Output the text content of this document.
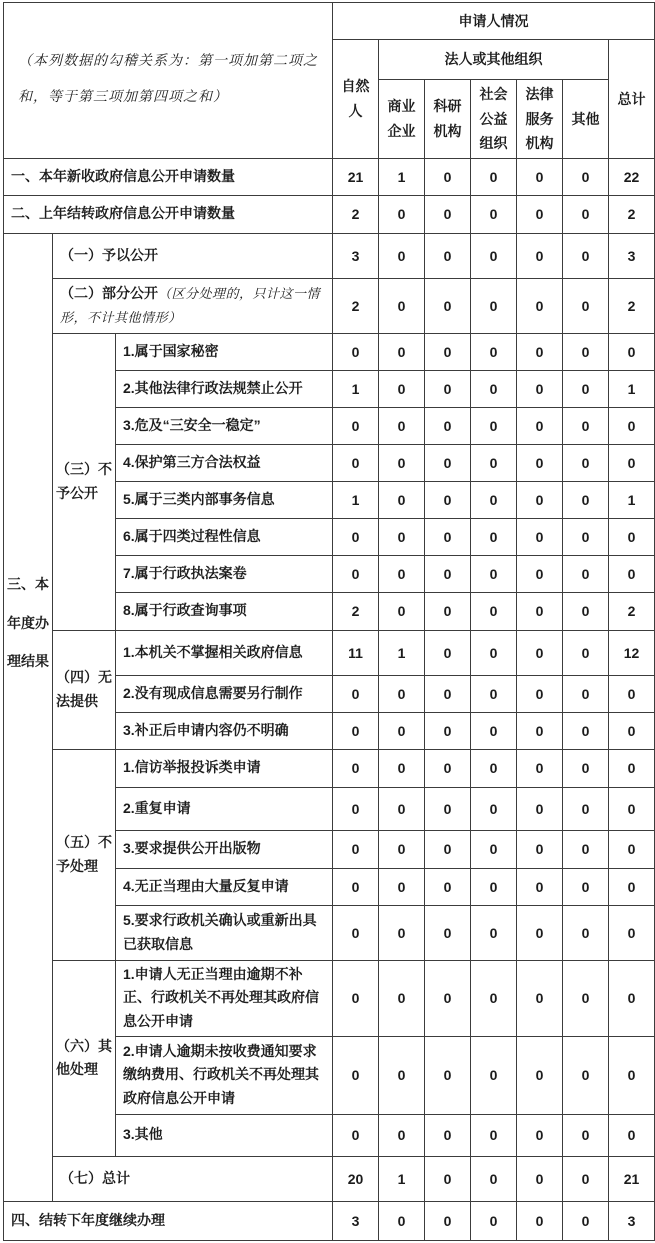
（本列数据的勾稽关系为：第一项加第二项之和，等于第三项加第四项之和）			申请人情况						
			自然人	法人或其他组织					总计
				商业企业	科研机构	社会公益组织	法律服务机构	其他	
一、本年新收政府信息公开申请数量			21	1	0	0	0	0	22
二、上年结转政府信息公开申请数量			2	0	0	0	0	0	2
三、本年度办理结果	（一）予以公开		3	0	0	0	0	0	3
	（二）部分公开（区分处理的，只计这一情形，不计其他情形）		2	0	0	0	0	0	2
	（三）不予公开	1.属于国家秘密	0	0	0	0	0	0	0
		2.其他法律行政法规禁止公开	1	0	0	0	0	0	1
		3.危及“三安全一稳定”	0	0	0	0	0	0	0
		4.保护第三方合法权益	0	0	0	0	0	0	0
		5.属于三类内部事务信息	1	0	0	0	0	0	1
		6.属于四类过程性信息	0	0	0	0	0	0	0
		7.属于行政执法案卷	0	0	0	0	0	0	0
		8.属于行政查询事项	2	0	0	0	0	0	2
	（四）无法提供	1.本机关不掌握相关政府信息	11	1	0	0	0	0	12
		2.没有现成信息需要另行制作	0	0	0	0	0	0	0
		3.补正后申请内容仍不明确	0	0	0	0	0	0	0
	（五）不予处理	1.信访举报投诉类申请	0	0	0	0	0	0	0
		2.重复申请	0	0	0	0	0	0	0
		3.要求提供公开出版物	0	0	0	0	0	0	0
		4.无正当理由大量反复申请	0	0	0	0	0	0	0
		5.要求行政机关确认或重新出具已获取信息	0	0	0	0	0	0	0
	（六）其他处理	1.申请人无正当理由逾期不补正、行政机关不再处理其政府信息公开申请	0	0	0	0	0	0	0
		2.申请人逾期未按收费通知要求缴纳费用、行政机关不再处理其政府信息公开申请	0	0	0	0	0	0	0
		3.其他	0	0	0	0	0	0	0
	（七）总计		20	1	0	0	0	0	21
四、结转下年度继续办理			3	0	0	0	0	0	3
